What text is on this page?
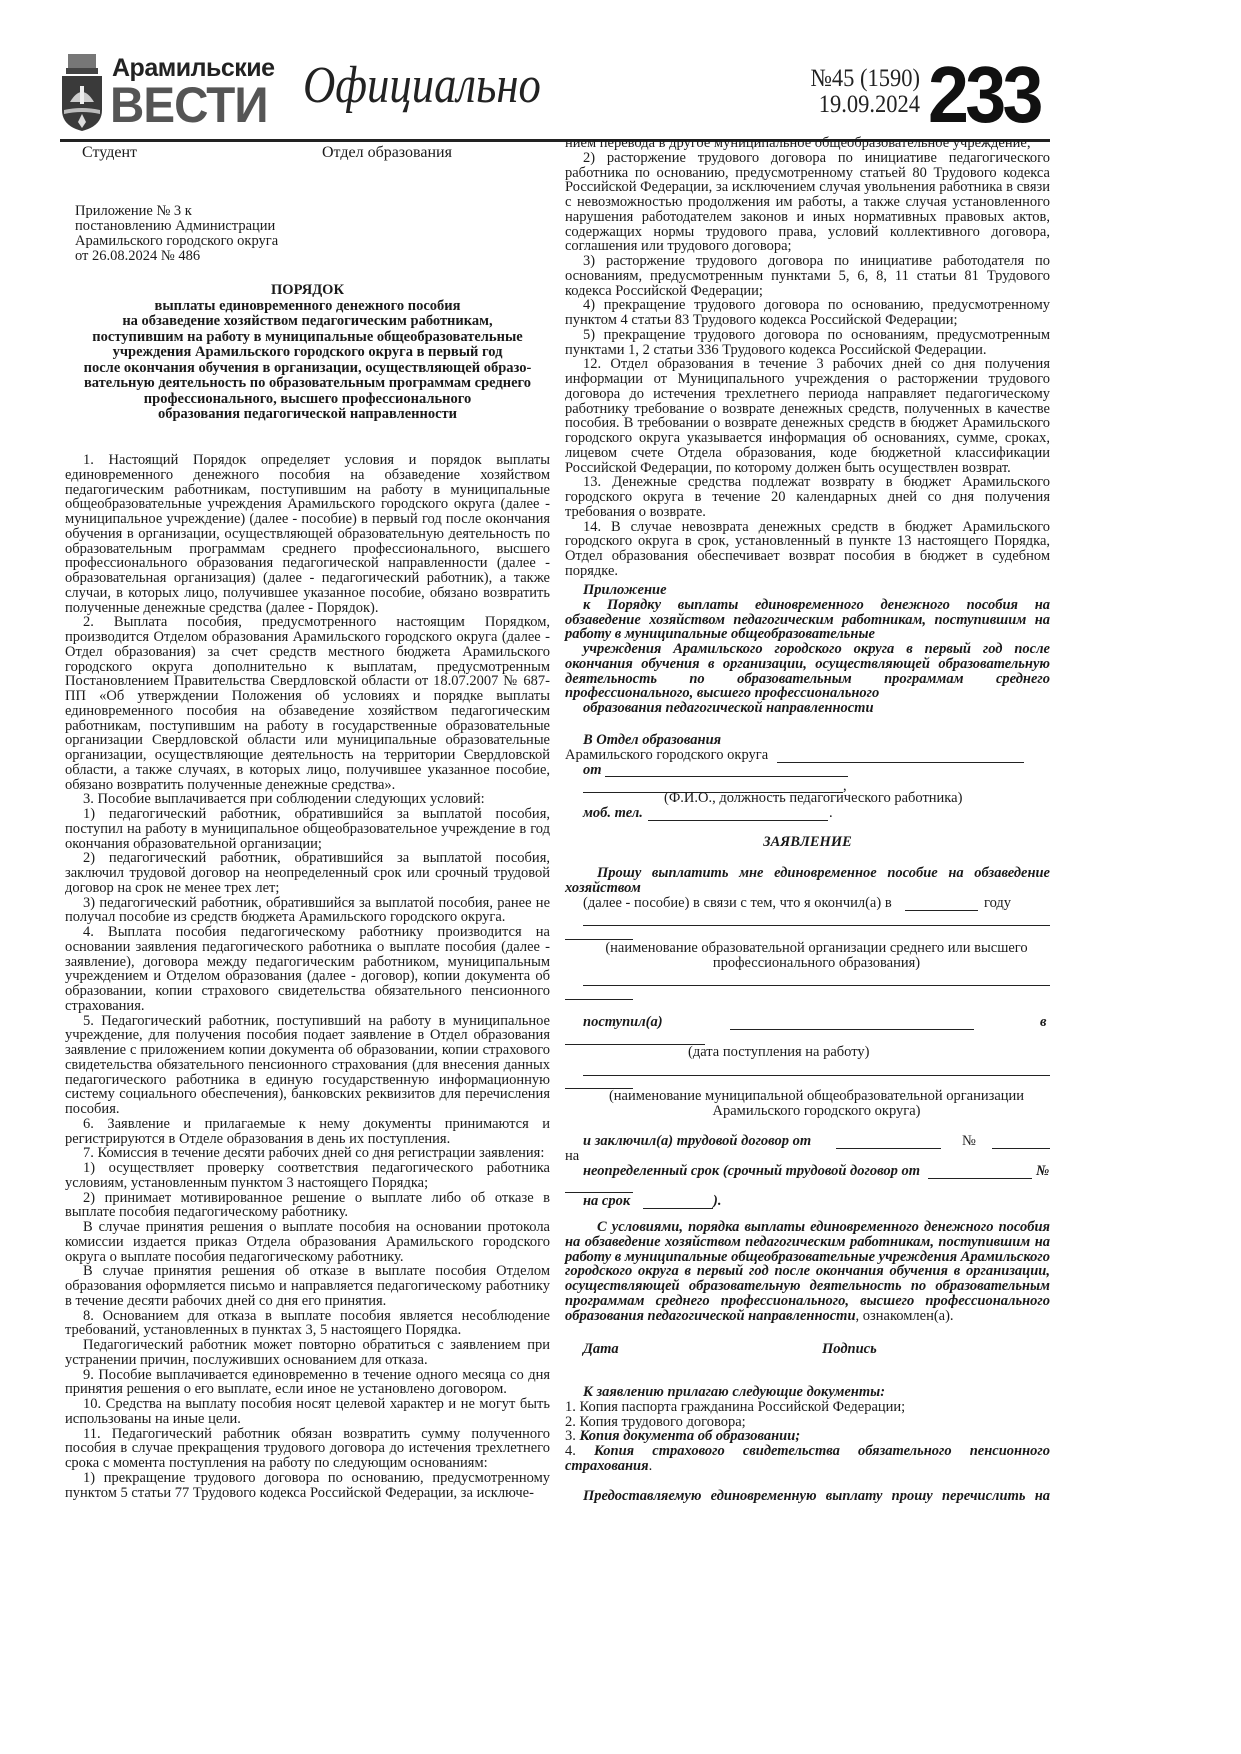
Арамильские
ВЕСТИ Официально	№45 (1590)
19.09.2024 233
Студент	Отдел образования
Приложение № 3 к
постановлению Администрации
Арамильского городского округа
от 26.08.2024 № 486
ПОРЯДОК
выплаты единовременного денежного пособия
на обзаведение хозяйством педагогическим работникам,
поступившим на работу в муниципальные общеобразовательные
учреждения Арамильского городского округа в первый год
после окончания обучения в организации, осуществляющей образо-
вательную деятельность по образовательным программам среднего
профессионального, высшего профессионального
образования педагогической направленности

1. Настоящий Порядок определяет условия и порядок выплаты единовременного денежного пособия на обзаведение хозяйством педагогическим работникам, поступившим на работу в муниципальные общеобразовательные учреждения Арамильского городского округа (далее - муниципальное учреждение) (далее - пособие) в первый год после окончания обучения в организации, осуществляющей образовательную деятельность по образовательным программам среднего профессионального, высшего профессионального образования педагогической направленности (далее - образовательная организация) (далее - педагогический работник), а также случаи, в которых лицо, получившее указанное пособие, обязано возвратить полученные денежные средства (далее - Порядок).

2. Выплата пособия, предусмотренного настоящим Порядком, производится Отделом образования Арамильского городского округа (далее - Отдел образования) за счет средств местного бюджета Арамильского городского округа дополнительно к выплатам, предусмотренным Постановлением Правительства Свердловской области от 18.07.2007 № 687-ПП «Об утверждении Положения об условиях и порядке выплаты единовременного пособия на обзаведение хозяйством педагогическим работникам, поступившим на работу в государственные образовательные организации Свердловской области или муниципальные образовательные организации, осуществляющие деятельность на территории Свердловской области, а также случаях, в которых лицо, получившее указанное пособие, обязано возвратить полученные денежные средства».

3. Пособие выплачивается при соблюдении следующих условий:

1) педагогический работник, обратившийся за выплатой пособия, поступил на работу в муниципальное общеобразовательное учреждение в год окончания образовательной организации;

2) педагогический работник, обратившийся за выплатой пособия, заключил трудовой договор на неопределенный срок или срочный трудовой договор на срок не менее трех лет;

3) педагогический работник, обратившийся за выплатой пособия, ранее не получал пособие из средств бюджета Арамильского городского округа.

4. Выплата пособия педагогическому работнику производится на основании заявления педагогического работника о выплате пособия (далее - заявление), договора между педагогическим работником, муниципальным учреждением и Отделом образования (далее - договор), копии документа об образовании, копии страхового свидетельства обязательного пенсионного страхования.

5. Педагогический работник, поступивший на работу в муниципальное учреждение, для получения пособия подает заявление в Отдел образования заявление с приложением копии документа об образовании, копии страхового свидетельства обязательного пенсионного страхования (для внесения данных педагогического работника в единую государственную информационную систему социального обеспечения), банковских реквизитов для перечисления пособия.

6. Заявление и прилагаемые к нему документы принимаются и регистрируются в Отделе образования в день их поступления.

7. Комиссия в течение десяти рабочих дней со дня регистрации заявления:

1) осуществляет проверку соответствия педагогического работника условиям, установленным пунктом 3 настоящего Порядка;

2) принимает мотивированное решение о выплате либо об отказе в выплате пособия педагогическому работнику.

В случае принятия решения о выплате пособия на основании протокола комиссии издается приказ Отдела образования Арамильского городского округа о выплате пособия педагогическому работнику.

В случае принятия решения об отказе в выплате пособия Отделом образования оформляется письмо и направляется педагогическому работнику в течение десяти рабочих дней со дня его принятия.

8. Основанием для отказа в выплате пособия является несоблюдение требований, установленных в пунктах 3, 5 настоящего Порядка.

Педагогический работник может повторно обратиться с заявлением при устранении причин, послуживших основанием для отказа.

9. Пособие выплачивается единовременно в течение одного месяца со дня принятия решения о его выплате, если иное не установлено договором.

10. Средства на выплату пособия носят целевой характер и не могут быть использованы на иные цели.

11. Педагогический работник обязан возвратить сумму полученного пособия в случае прекращения трудового договора до истечения трехлетнего срока с момента поступления на работу по следующим основаниям:

1) прекращение трудового договора по основанию, предусмотренному пунктом 5 статьи 77 Трудового кодекса Российской Федерации, за исключе-

нием перевода в другое муниципальное общеобразовательное учреждение;

2) расторжение трудового договора по инициативе педагогического работника по основанию, предусмотренному статьей 80 Трудового кодекса Российской Федерации, за исключением случая увольнения работника в связи с невозможностью продолжения им работы, а также случая установленного нарушения работодателем законов и иных нормативных правовых актов, содержащих нормы трудового права, условий коллективного договора, соглашения или трудового договора;

3) расторжение трудового договора по инициативе работодателя по основаниям, предусмотренным пунктами 5, 6, 8, 11 статьи 81 Трудового кодекса Российской Федерации;

4) прекращение трудового договора по основанию, предусмотренному пунктом 4 статьи 83 Трудового кодекса Российской Федерации;

5) прекращение трудового договора по основаниям, предусмотренным пунктами 1, 2 статьи 336 Трудового кодекса Российской Федерации.

12. Отдел образования в течение 3 рабочих дней со дня получения информации от Муниципального учреждения о расторжении трудового договора до истечения трехлетнего периода направляет педагогическому работнику требование о возврате денежных средств, полученных в качестве пособия. В требовании о возврате денежных средств в бюджет Арамильского городского округа указывается информация об основаниях, сумме, сроках, лицевом счете Отдела образования, коде бюджетной классификации Российской Федерации, по которому должен быть осуществлен возврат.

13. Денежные средства подлежат возврату в бюджет Арамильского городского округа в течение 20 календарных дней со дня получения требования о возврате.

14. В случае невозврата денежных средств в бюджет Арамильского городского округа в срок, установленный в пункте 13 настоящего Порядка, Отдел образования обеспечивает возврат пособия в бюджет в судебном порядке.

Приложение

к Порядку выплаты единовременного денежного пособия на обзаведение хозяйством педагогическим работникам, поступившим на работу в муниципальные общеобразовательные

учреждения Арамильского городского округа в первый год после окончания обучения в организации, осуществляющей образовательную деятельность по образовательным программам среднего профессионального, высшего профессионального

образования педагогической направленности

В Отдел образования
Арамильского городского округа
от
,
(Ф.И.О., должность педагогического работника)
моб. тел.	.
ЗАЯВЛЕНИЕ

Прошу выплатить мне единовременное пособие на обзаведение хозяйством

(далее - пособие) в связи с тем, что я окончил(а) в	году
(наименование образовательной организации среднего или высшего профессионального образования)
поступил(а)	в
(дата поступления на работу)
(наименование муниципальной общеобразовательной организации Арамильского городского округа)
и заключил(а) трудовой договор от	№
на
неопределенный срок (срочный трудовой договор от	№
на срок	).

С условиями, порядка выплаты единовременного денежного пособия на обзаведение хозяйством педагогическим работникам, поступившим на работу в муниципальные общеобразовательные учреждения Арамильского городского округа в первый год после окончания обучения в организации, осуществляющей образовательную деятельность по образовательным программам среднего профессионального, высшего профессионального образования педагогической направленности, ознакомлен(а).

Дата	Подпись

К заявлению прилагаю следующие документы:

1. Копия паспорта гражданина Российской Федерации;

2. Копия трудового договора;

3. Копия документа об образовании;

4. Копия страхового свидетельства обязательного пенсионного страхования.

Предоставляемую единовременную выплату прошу перечислить на
